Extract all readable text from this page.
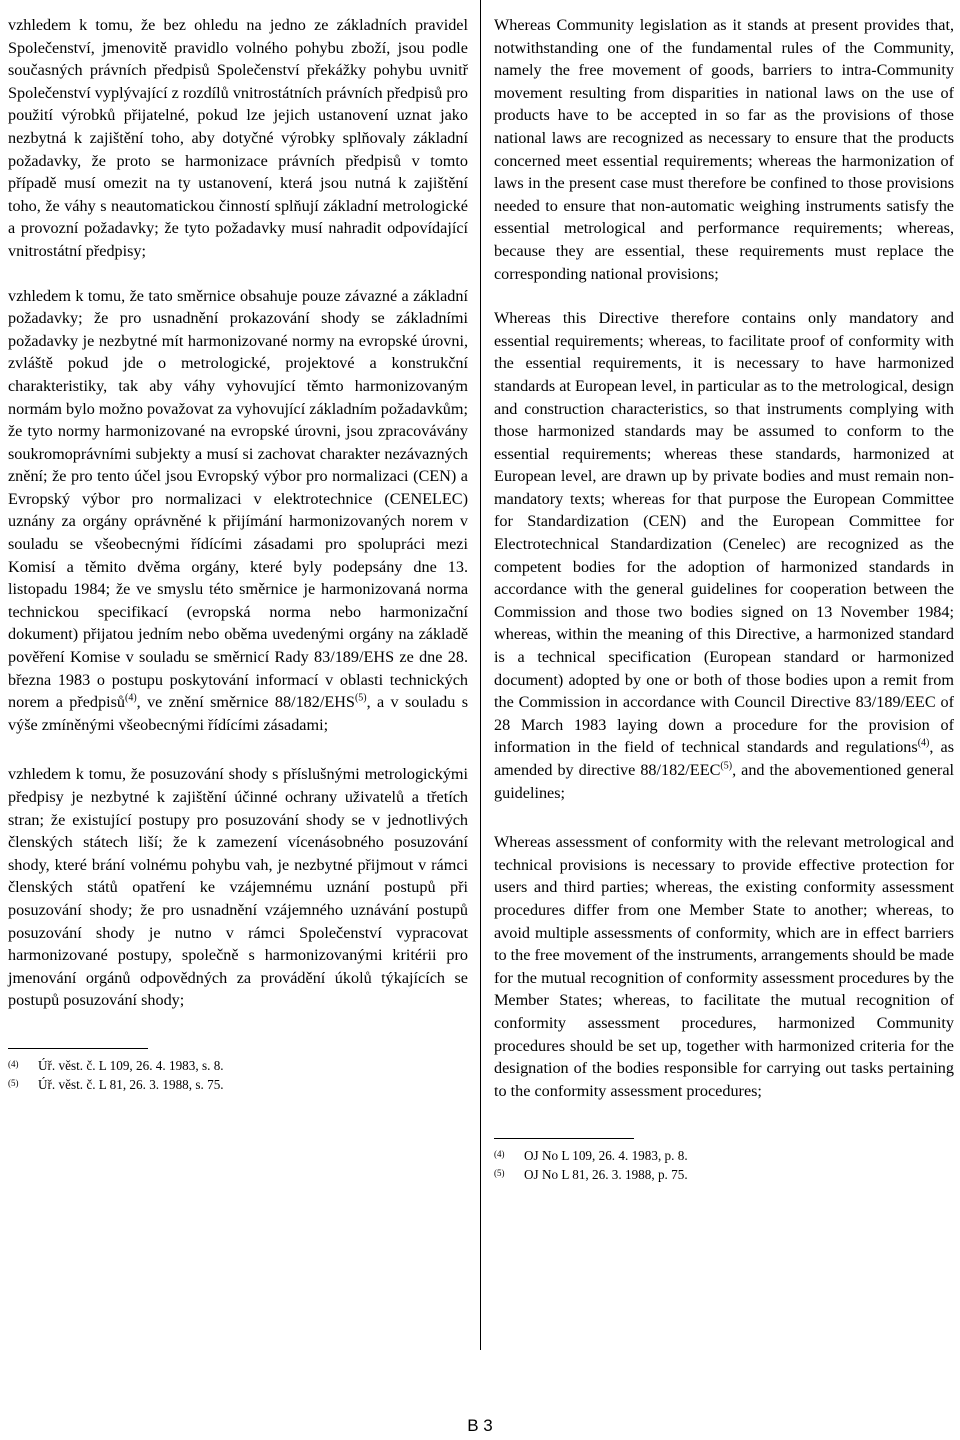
vzhledem k tomu, že bez ohledu na jedno ze základních pravidel Společenství, jmenovitě pravidlo volného pohybu zboží, jsou podle současných právních předpisů Společenství překážky pohybu uvnitř Společenství vyplývající z rozdílů vnitrostátních právních předpisů pro použití výrobků přijatelné, pokud lze jejich ustanovení uznat jako nezbytná k zajištění toho, aby dotyčné výrobky splňovaly základní požadavky, že proto se harmonizace právních předpisů v tomto případě musí omezit na ty ustanovení, která jsou nutná k zajištění toho, že váhy s neautomatickou činností splňují základní metrologické a provozní požadavky; že tyto požadavky musí nahradit odpovídající vnitrostátní předpisy;

vzhledem k tomu, že tato směrnice obsahuje pouze závazné a základní požadavky; že pro usnadnění prokazování shody se základními požadavky je nezbytné mít harmonizované normy na evropské úrovni, zvláště pokud jde o metrologické, projektové a konstrukční charakteristiky, tak aby váhy vyhovující těmto harmonizovaným normám bylo možno považovat za vyhovující základním požadavkům; že tyto normy harmonizované na evropské úrovni, jsou zpracovávány soukromoprávními subjekty a musí si zachovat charakter nezávazných znění; že pro tento účel jsou Evropský výbor pro normalizaci (CEN) a Evropský výbor pro normalizaci v elektrotechnice (CENELEC) uznány za orgány oprávněné k přijímání harmonizovaných norem v souladu se všeobecnými řídícími zásadami pro spolupráci mezi Komisí a těmito dvěma orgány, které byly podepsány dne 13. listopadu 1984; že ve smyslu této směrnice je harmonizovaná norma technickou specifikací (evropská norma nebo harmonizační dokument) přijatou jedním nebo oběma uvedenými orgány na základě pověření Komise v souladu se směrnicí Rady 83/189/EHS ze dne 28. března 1983 o postupu poskytování informací v oblasti technických norem a předpisů$^{(4)}$, ve znění směrnice 88/182/EHS$^{(5)}$, a v souladu s výše zmíněnými všeobecnými řídícími zásadami;

vzhledem k tomu, že posuzování shody s příslušnými metrologickými předpisy je nezbytné k zajištění účinné ochrany uživatelů a třetích stran; že existující postupy pro posuzování shody se v jednotlivých členských státech liší; že k zamezení vícenásobného posuzování shody, které brání volnému pohybu vah, je nezbytné přijmout v rámci členských států opatření ke vzájemnému uznání postupů při posuzování shody; že pro usnadnění vzájemného uznávání postupů posuzování shody je nutno v rámci Společenství vypracovat harmonizované postupy, společně s harmonizovanými kritérii pro jmenování orgánů odpovědných za provádění úkolů týkajících se postupů posuzování shody;

(4)	Úř. věst. č. L 109, 26. 4. 1983, s. 8.
(5)	Úř. věst. č. L 81, 26. 3. 1988, s. 75.

Whereas Community legislation as it stands at present provides that, notwithstanding one of the fundamental rules of the Community, namely the free movement of goods, barriers to intra-Community movement resulting from disparities in national laws on the use of products have to be accepted in so far as the provisions of those national laws are recognized as necessary to ensure that the products concerned meet essential requirements; whereas the harmonization of laws in the present case must therefore be confined to those provisions needed to ensure that non-automatic weighing instruments satisfy the essential metrological and performance requirements; whereas, because they are essential, these requirements must replace the corresponding national provisions;

Whereas this Directive therefore contains only mandatory and essential requirements; whereas, to facilitate proof of conformity with the essential requirements, it is necessary to have harmonized standards at European level, in particular as to the metrological, design and construction characteristics, so that instruments complying with those harmonized standards may be assumed to conform to the essential requirements; whereas these standards, harmonized at European level, are drawn up by private bodies and must remain non-mandatory texts; whereas for that purpose the European Committee for Standardization (CEN) and the European Committee for Electrotechnical Standardization (Cenelec) are recognized as the competent bodies for the adoption of harmonized standards in accordance with the general guidelines for cooperation between the Commission and those two bodies signed on 13 November 1984; whereas, within the meaning of this Directive, a harmonized standard is a technical specification (European standard or harmonized document) adopted by one or both of those bodies upon a remit from the Commission in accordance with Council Directive 83/189/EEC of 28 March 1983 laying down a procedure for the provision of information in the field of technical standards and regulations$^{(4)}$, as amended by directive 88/182/EEC$^{(5)}$, and the abovementioned general guidelines;

Whereas assessment of conformity with the relevant metrological and technical provisions is necessary to provide effective protection for users and third parties; whereas, the existing conformity assessment procedures differ from one Member State to another; whereas, to avoid multiple assessments of conformity, which are in effect barriers to the free movement of the instruments, arrangements should be made for the mutual recognition of conformity assessment procedures by the Member States; whereas, to facilitate the mutual recognition of conformity assessment procedures, harmonized Community procedures should be set up, together with harmonized criteria for the designation of the bodies responsible for carrying out tasks pertaining to the conformity assessment procedures;

(4)	OJ No L 109, 26. 4. 1983, p. 8.
(5)	OJ No L 81, 26. 3. 1988, p. 75.
B 3
